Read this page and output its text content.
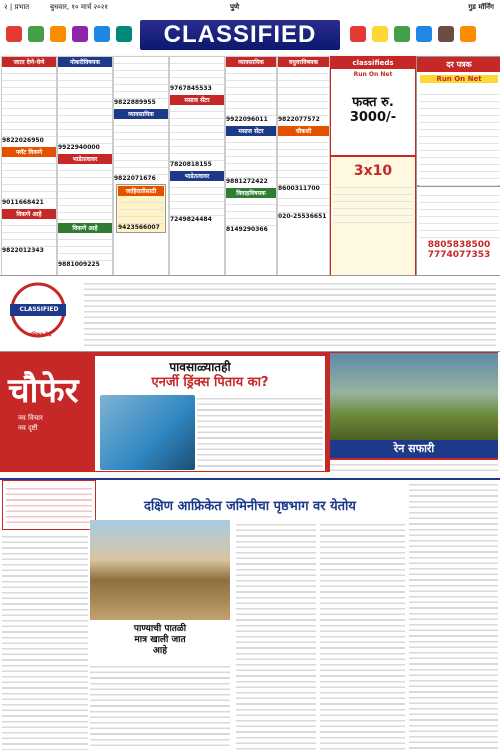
२ | प्रभात	बुधवार, १० मार्च २०२१	पुणे	गुड मॉर्निंग
CLASSIFIED
जाता देणे-घेणे
9822026950
फ्लॅट विकणे
9011668421
विकणे आहे
9822012343
नोकरीविषयक
9922940000
भाडेतत्वावर
विकणे आहे
9881009225
9822889955
व्यावसायिक
9822071676
जाहिरातीसाठी
9423566007
9767845533
मसाज सेंटर
7820818155
भाडेतत्वावर
7249824484
व्यावसायिक
9922096011
मसाज सेंटर
9881272422
विवाहविषयक
8149290366
वधुवरविषयक
9822077572
चौकशी
8600311700
020-25536651
classifieds
Run On Net
फक्त रु. 3000/-
दर पत्रक
Run On Net
3x10
8805838500
7774077353
CLASSIFIED
अधिकृत केंद्र
चौफेर
नव विचार
नव दृष्टी
पावसाळ्यातही
एनर्जी ड्रिंक्स पिताय का?
रेन सफारी
दक्षिण आफ्रिकेत जमिनीचा पृष्ठभाग वर येतोय
पाण्याची पातळी
मात्र खाली जात
आहे
